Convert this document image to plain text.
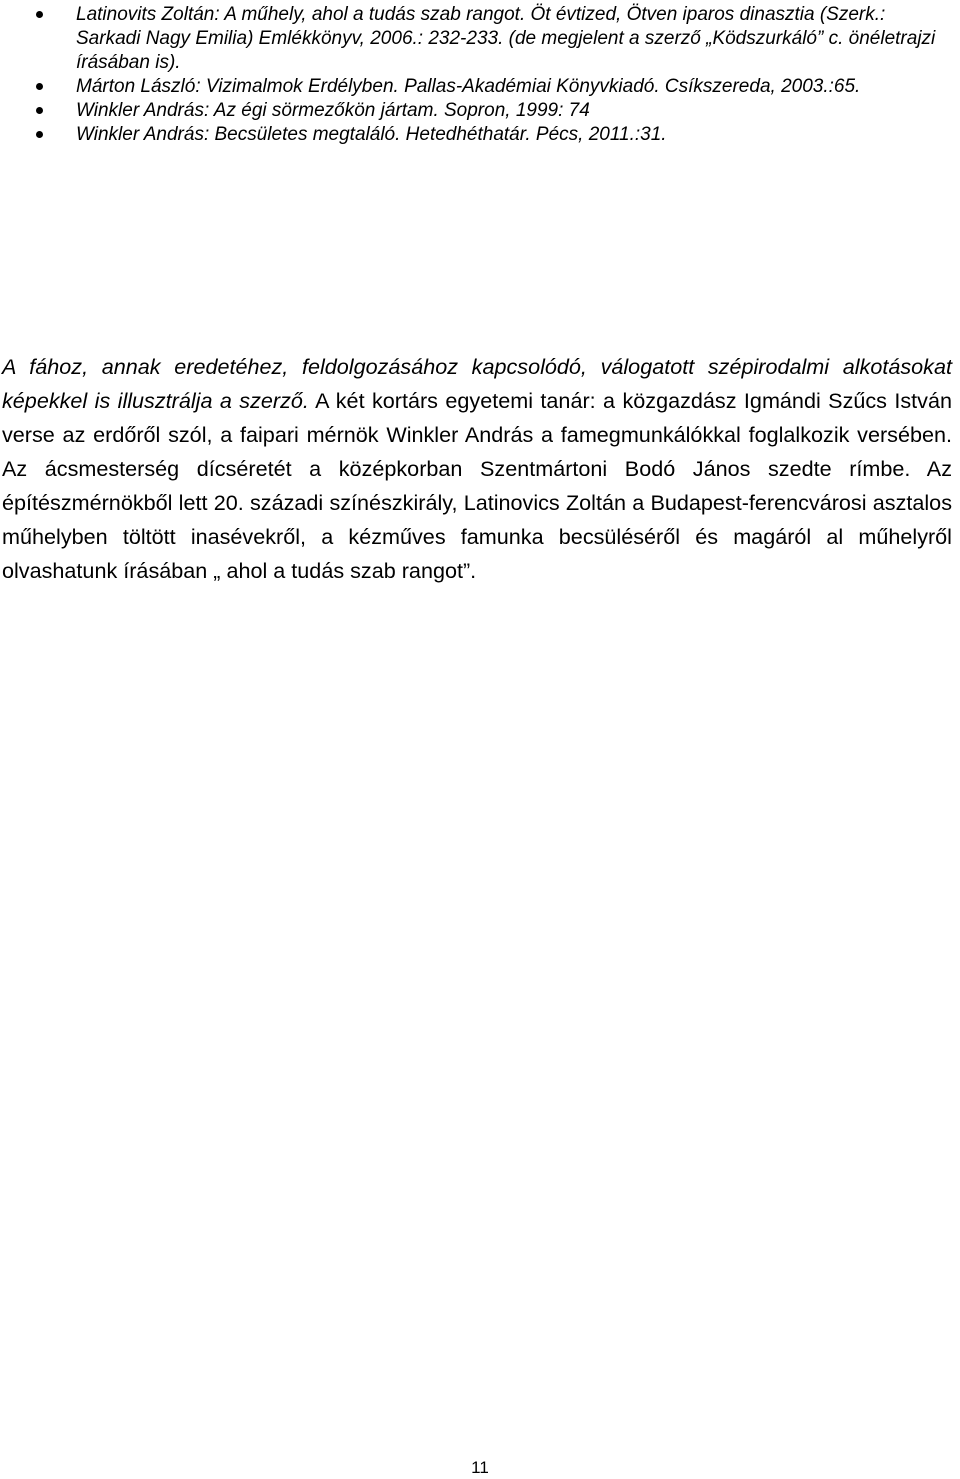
Latinovits Zoltán: A műhely, ahol a tudás szab rangot. Öt évtized, Ötven iparos dinasztia (Szerk.: Sarkadi Nagy Emilia) Emlékkönyv, 2006.: 232-233. (de megjelent a szerző „Ködszurkáló” c. önéletrajzi írásában is).
Márton László: Vizimalmok Erdélyben. Pallas-Akadémiai Könyvkiadó. Csíkszereda, 2003.:65.
Winkler András: Az égi sörmezőkön jártam. Sopron, 1999: 74
Winkler András: Becsületes megtaláló. Hetedhéthatár. Pécs, 2011.:31.

A fához, annak eredetéhez, feldolgozásához kapcsolódó, válogatott szépirodalmi alkotásokat képekkel is illusztrálja a szerző. A két kortárs egyetemi tanár: a közgazdász Igmándi Szűcs István verse az erdőről szól, a faipari mérnök Winkler András a famegmunkálókkal foglalkozik versében. Az ácsmesterség dícséretét a középkorban Szentmártoni Bodó János szedte rímbe. Az építészmérnökből lett 20. századi színészkirály, Latinovics Zoltán a Budapest-ferencvárosi asztalos műhelyben töltött inasévekről, a kézműves famunka becsüléséről és magáról al műhelyről olvashatunk írásában „ ahol a tudás szab rangot”.

11
